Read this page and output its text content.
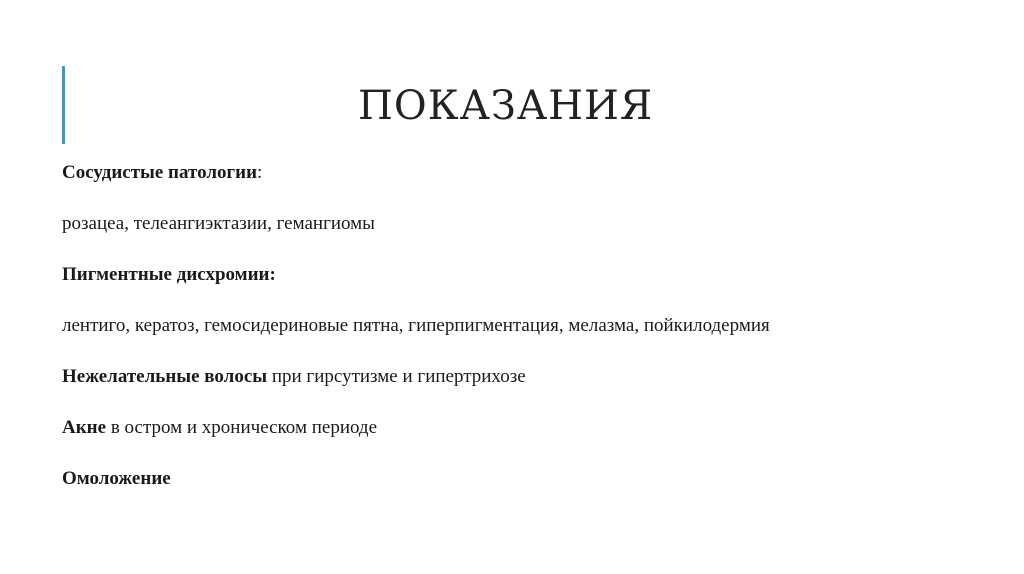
ПОКАЗАНИЯ

Сосудистые патологии:

розацеа, телеангиэктазии, гемангиомы

Пигментные дисхромии:

лентиго, кератоз, гемосидериновые пятна, гиперпигментация, мелазма, пойкилодермия

Нежелательные волосы при гирсутизме и гипертрихозе

Акне в остром и хроническом периоде

Омоложение
